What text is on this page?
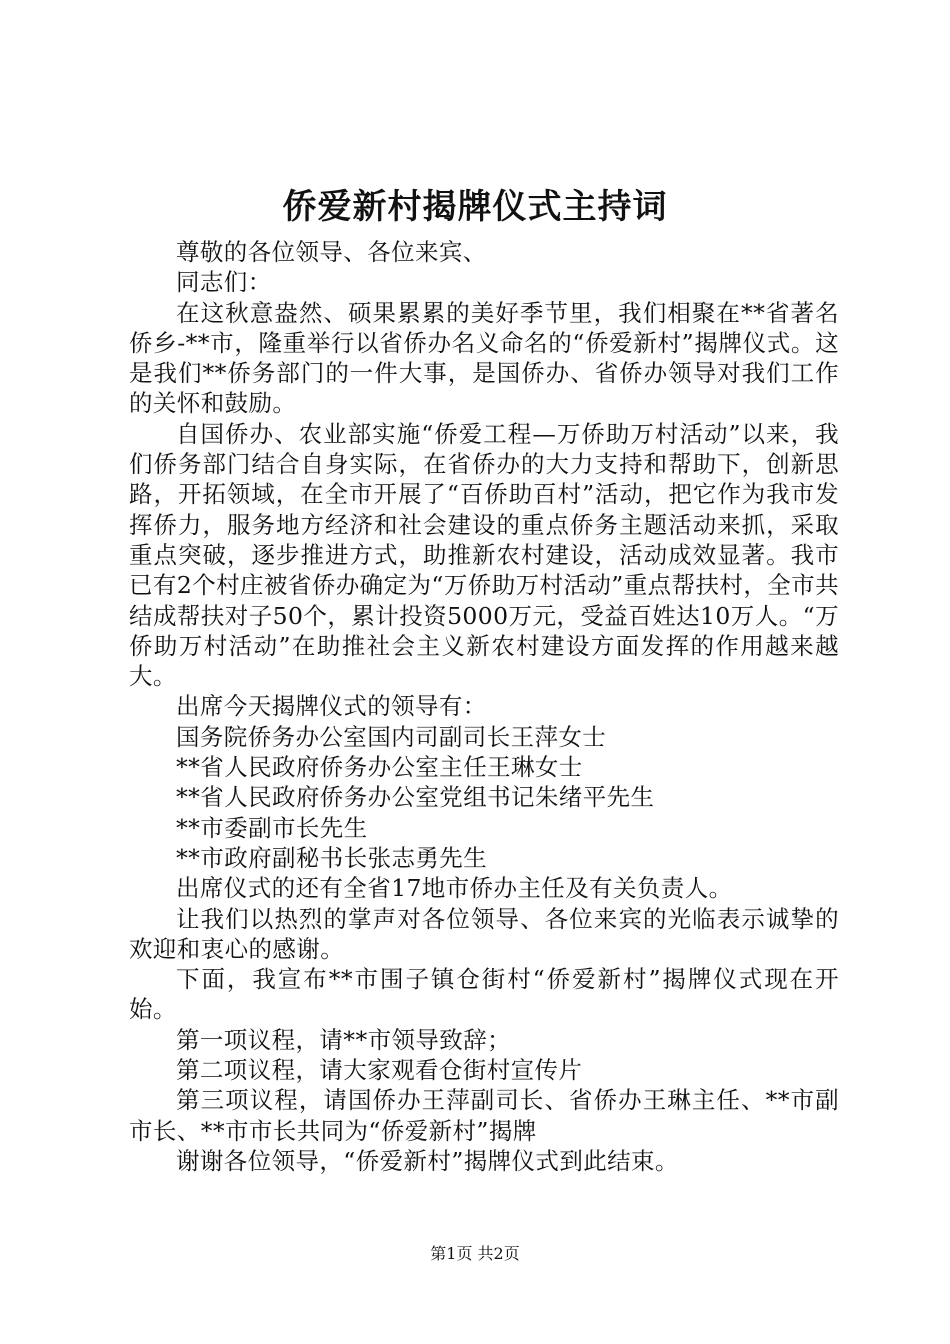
侨爱新村揭牌仪式主持词

尊敬的各位领导、各位来宾、

同志们：

在这秋意盎然、硕果累累的美好季节里，我们相聚在**省著名侨乡-**市，隆重举行以省侨办名义命名的“侨爱新村”揭牌仪式。这是我们**侨务部门的一件大事，是国侨办、省侨办领导对我们工作的关怀和鼓励。

自国侨办、农业部实施“侨爱工程—万侨助万村活动”以来，我们侨务部门结合自身实际，在省侨办的大力支持和帮助下，创新思路，开拓领域，在全市开展了“百侨助百村”活动，把它作为我市发挥侨力，服务地方经济和社会建设的重点侨务主题活动来抓，采取重点突破，逐步推进方式，助推新农村建设，活动成效显著。我市已有2个村庄被省侨办确定为“万侨助万村活动”重点帮扶村，全市共结成帮扶对子50个，累计投资5000万元，受益百姓达10万人。“万侨助万村活动”在助推社会主义新农村建设方面发挥的作用越来越大。

出席今天揭牌仪式的领导有：

国务院侨务办公室国内司副司长王萍女士

**省人民政府侨务办公室主任王琳女士

**省人民政府侨务办公室党组书记朱绪平先生

**市委副市长先生

**市政府副秘书长张志勇先生

出席仪式的还有全省17地市侨办主任及有关负责人。

让我们以热烈的掌声对各位领导、各位来宾的光临表示诚挚的欢迎和衷心的感谢。

下面，我宣布**市围子镇仓街村“侨爱新村”揭牌仪式现在开始。

第一项议程，请**市领导致辞；

第二项议程，请大家观看仓街村宣传片

第三项议程，请国侨办王萍副司长、省侨办王琳主任、**市副市长、**市市长共同为“侨爱新村”揭牌

谢谢各位领导，“侨爱新村”揭牌仪式到此结束。

第1页 共2页
